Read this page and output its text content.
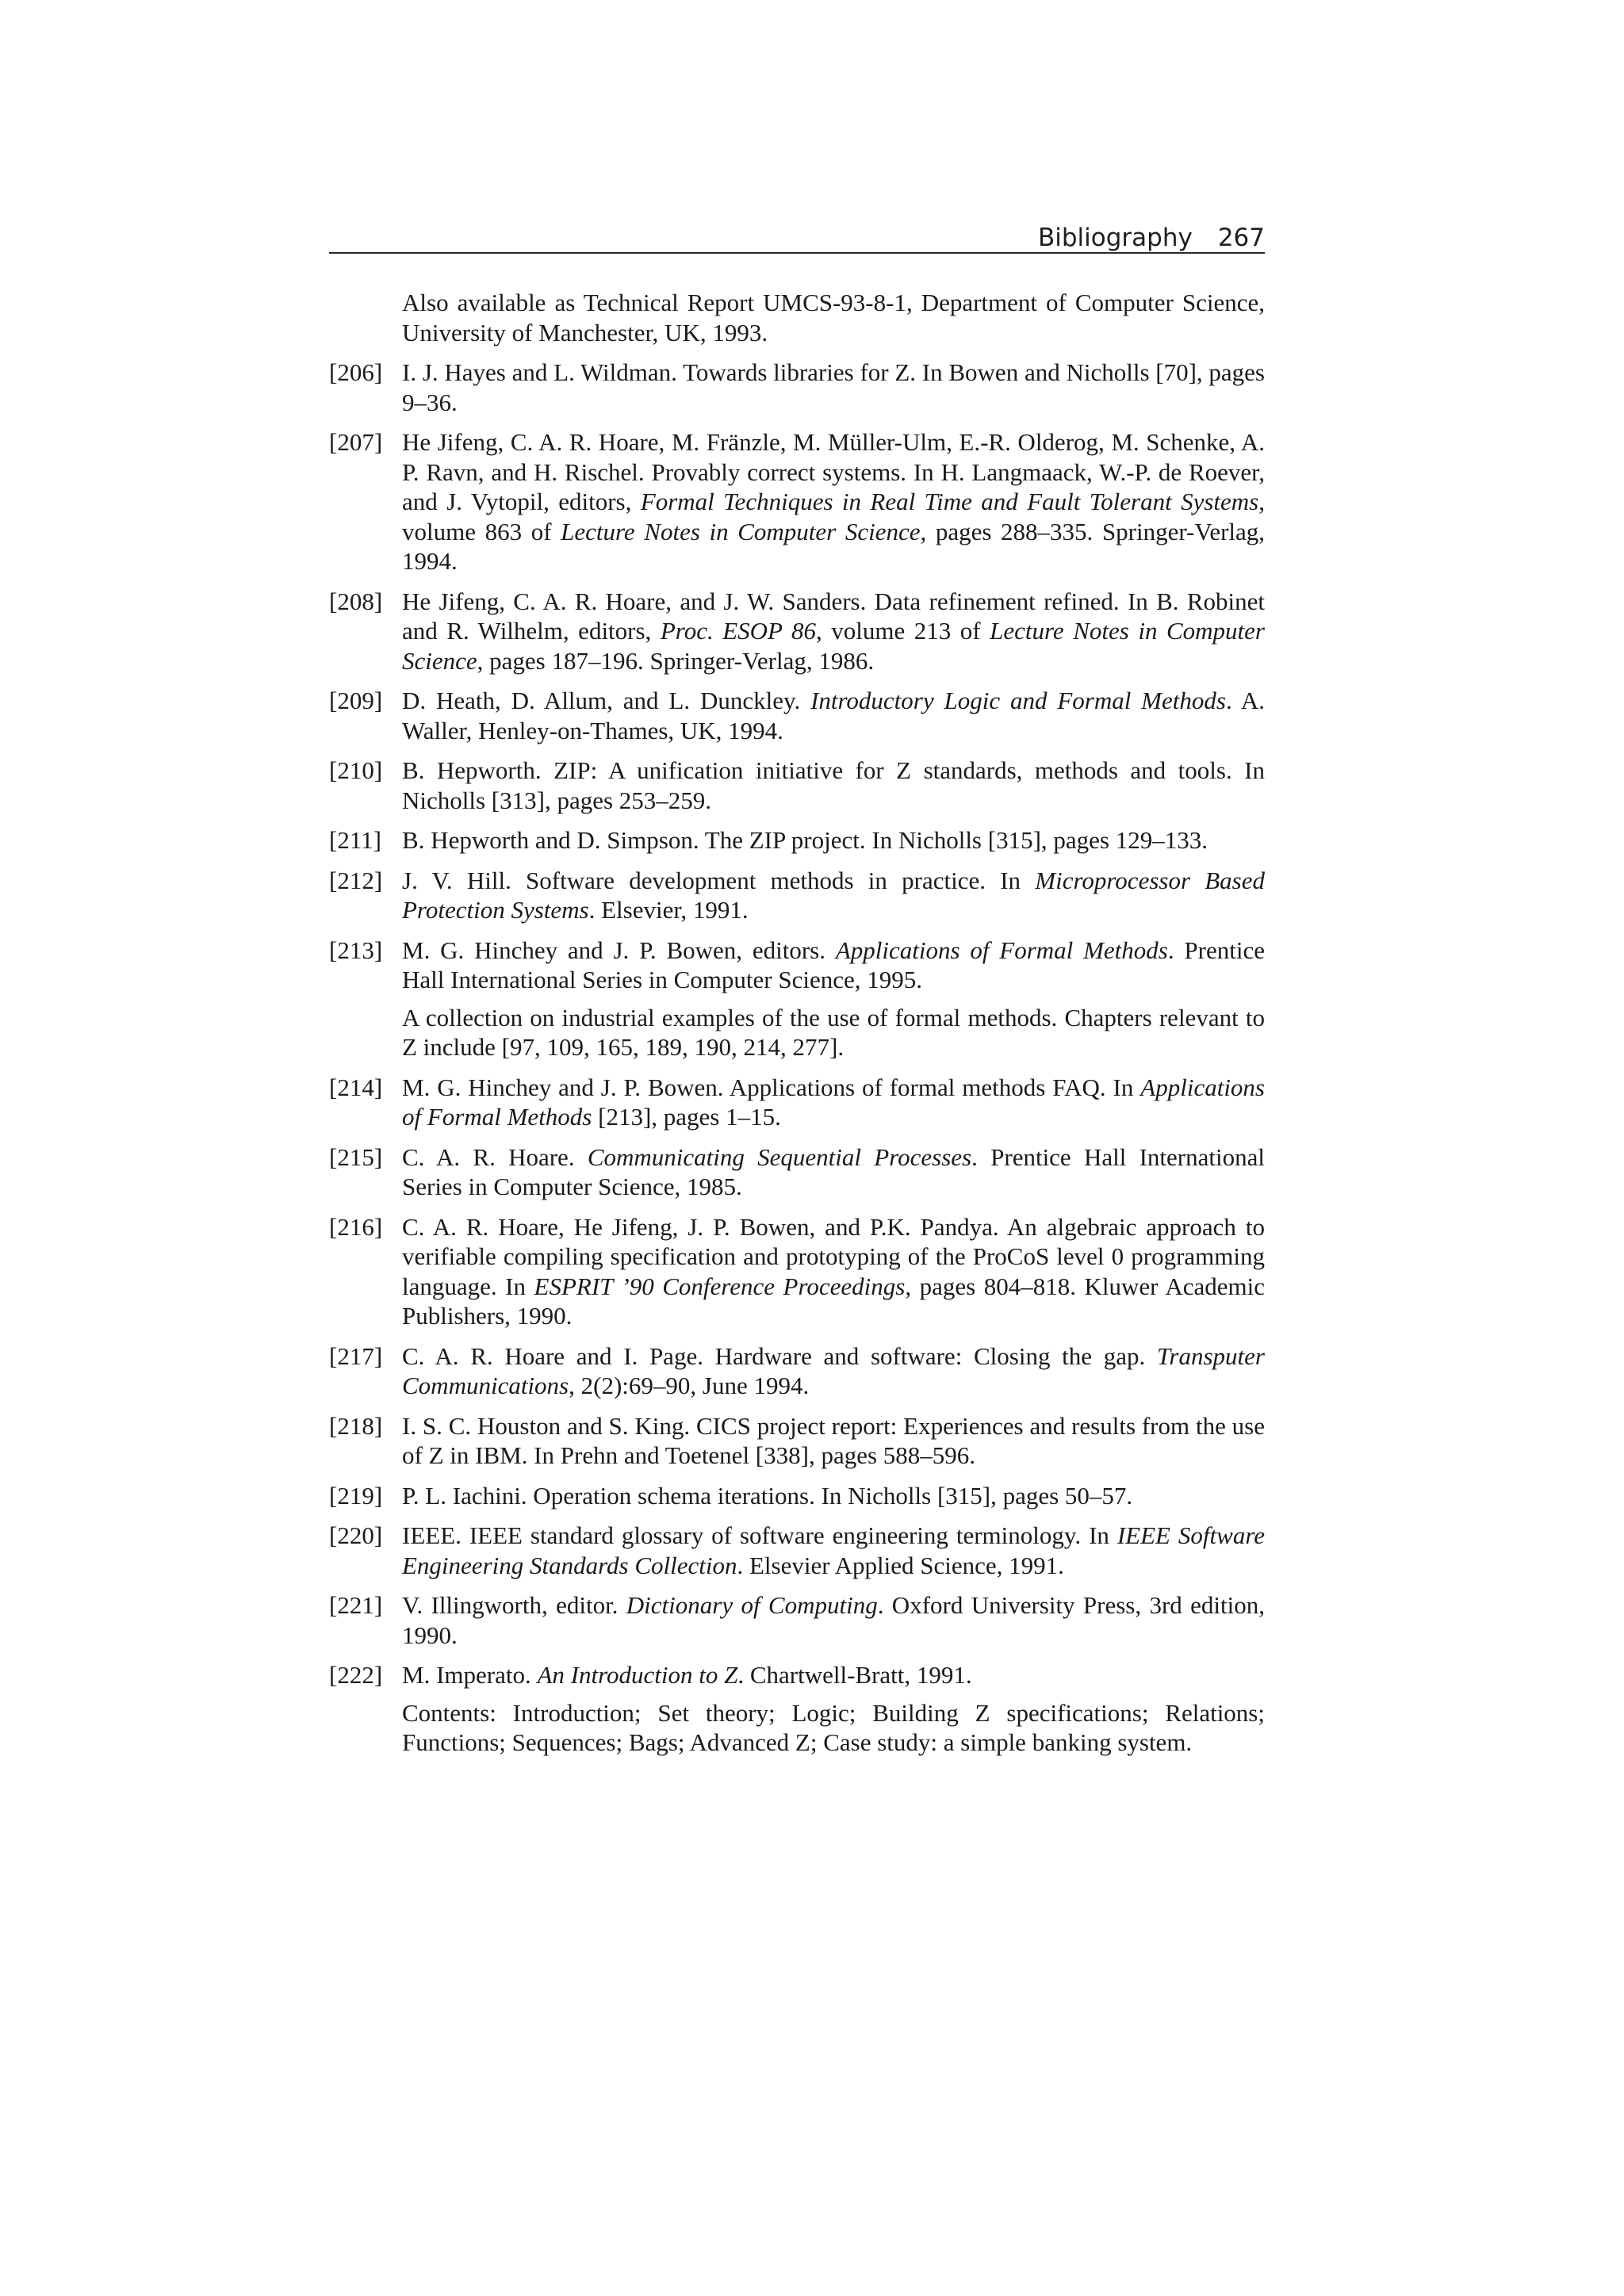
Bibliography 267
Also available as Technical Report UMCS-93-8-1, Department of Computer Science, University of Manchester, UK, 1993.
[206] I. J. Hayes and L. Wildman. Towards libraries for Z. In Bowen and Nicholls [70], pages 9–36.
[207] He Jifeng, C. A. R. Hoare, M. Fränzle, M. Müller-Ulm, E.-R. Olderog, M. Schenke, A. P. Ravn, and H. Rischel. Provably correct systems. In H. Langmaack, W.-P. de Roever, and J. Vytopil, editors, Formal Techniques in Real Time and Fault Tolerant Systems, volume 863 of Lecture Notes in Computer Science, pages 288–335. Springer-Verlag, 1994.
[208] He Jifeng, C. A. R. Hoare, and J. W. Sanders. Data refinement refined. In B. Robinet and R. Wilhelm, editors, Proc. ESOP 86, volume 213 of Lecture Notes in Computer Science, pages 187–196. Springer-Verlag, 1986.
[209] D. Heath, D. Allum, and L. Dunckley. Introductory Logic and Formal Methods. A. Waller, Henley-on-Thames, UK, 1994.
[210] B. Hepworth. ZIP: A unification initiative for Z standards, methods and tools. In Nicholls [313], pages 253–259.
[211] B. Hepworth and D. Simpson. The ZIP project. In Nicholls [315], pages 129–133.
[212] J. V. Hill. Software development methods in practice. In Microprocessor Based Protection Systems. Elsevier, 1991.
[213] M. G. Hinchey and J. P. Bowen, editors. Applications of Formal Methods. Prentice Hall International Series in Computer Science, 1995.
A collection on industrial examples of the use of formal methods. Chapters relevant to Z include [97, 109, 165, 189, 190, 214, 277].
[214] M. G. Hinchey and J. P. Bowen. Applications of formal methods FAQ. In Applications of Formal Methods [213], pages 1–15.
[215] C. A. R. Hoare. Communicating Sequential Processes. Prentice Hall International Series in Computer Science, 1985.
[216] C. A. R. Hoare, He Jifeng, J. P. Bowen, and P.K. Pandya. An algebraic approach to verifiable compiling specification and prototyping of the ProCoS level 0 programming language. In ESPRIT ’90 Conference Proceedings, pages 804–818. Kluwer Academic Publishers, 1990.
[217] C. A. R. Hoare and I. Page. Hardware and software: Closing the gap. Transputer Communications, 2(2):69–90, June 1994.
[218] I. S. C. Houston and S. King. CICS project report: Experiences and results from the use of Z in IBM. In Prehn and Toetenel [338], pages 588–596.
[219] P. L. Iachini. Operation schema iterations. In Nicholls [315], pages 50–57.
[220] IEEE. IEEE standard glossary of software engineering terminology. In IEEE Software Engineering Standards Collection. Elsevier Applied Science, 1991.
[221] V. Illingworth, editor. Dictionary of Computing. Oxford University Press, 3rd edition, 1990.
[222] M. Imperato. An Introduction to Z. Chartwell-Bratt, 1991.
Contents: Introduction; Set theory; Logic; Building Z specifications; Relations; Functions; Sequences; Bags; Advanced Z; Case study: a simple banking system.
